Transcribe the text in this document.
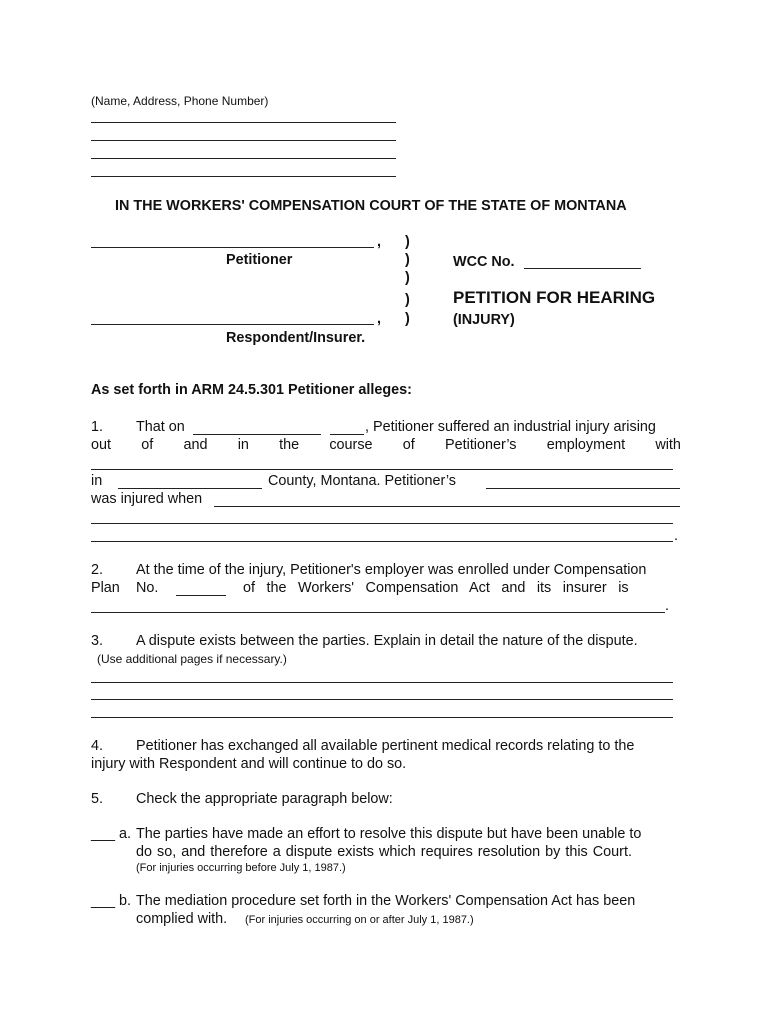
(Name, Address, Phone Number)
IN THE WORKERS' COMPENSATION COURT OF THE STATE OF MONTANA
,
Petitioner
,
Respondent/Insurer.
)
)
)
)
)
WCC No.
PETITION FOR HEARING
(INJURY)
As set forth in ARM 24.5.301 Petitioner alleges:
1. That on	, Petitioner suffered an industrial injury arising
out of and in the course of Petitioner’s employment with
in	County, Montana. Petitioner’s
was injured when
.
2. At the time of the injury, Petitioner's employer was enrolled under Compensation
Plan No.	of the Workers' Compensation Act and its insurer is
.
3. A dispute exists between the parties. Explain in detail the nature of the dispute.
(Use additional pages if necessary.)
4. Petitioner has exchanged all available pertinent medical records relating to the
injury with Respondent and will continue to do so.
5. Check the appropriate paragraph below:
___ a. The parties have made an effort to resolve this dispute but have been unable to
do so, and therefore a dispute exists which requires resolution by this Court.
(For injuries occurring before July 1, 1987.)
___ b. The mediation procedure set forth in the Workers' Compensation Act has been
complied with. (For injuries occurring on or after July 1, 1987.)
